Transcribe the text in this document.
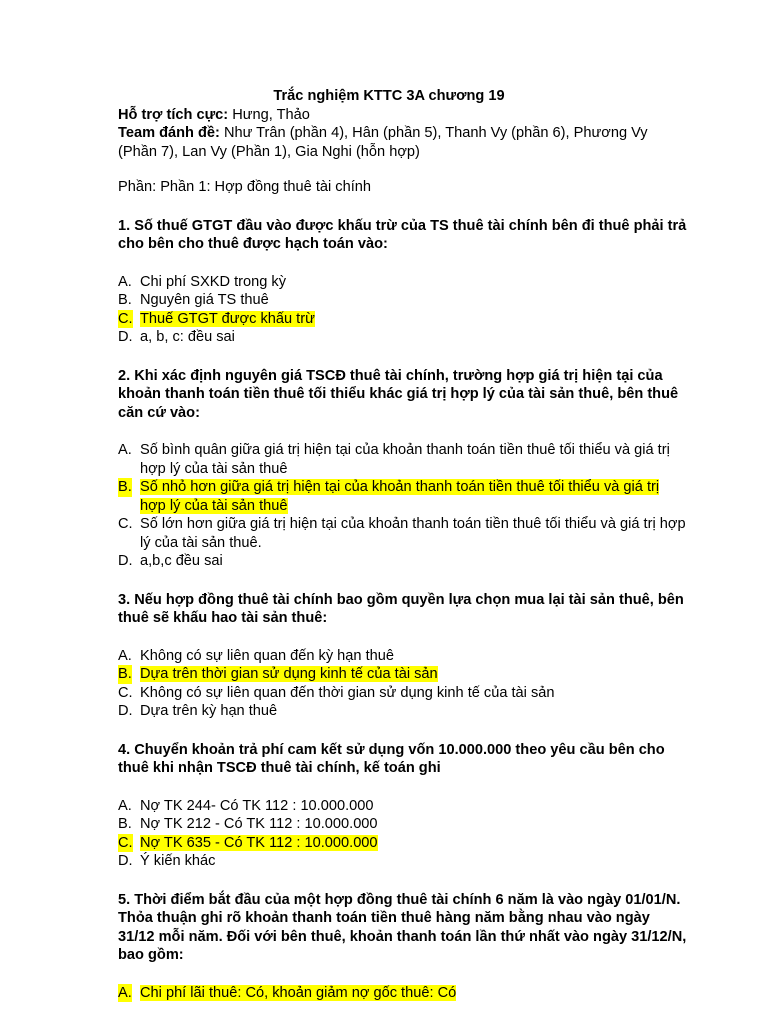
Trắc nghiệm KTTC 3A chương 19

Hỗ trợ tích cực: Hưng, Thảo

Team đánh đề: Như Trân (phần 4), Hân (phần 5), Thanh Vy (phần 6), Phương Vy (Phần 7), Lan Vy (Phần 1), Gia Nghi (hỗn hợp)

Phần: Phần 1: Hợp đồng thuê tài chính
1. Số thuế GTGT đầu vào được khấu trừ của TS thuê tài chính bên đi thuê phải trả cho bên cho thuê được hạch toán vào:
A. Chi phí SXKD trong kỳ
B. Nguyên giá TS thuê
C. Thuế GTGT được khấu trừ
D. a, b, c: đều sai
2. Khi xác định nguyên giá TSCĐ thuê tài chính, trường hợp giá trị hiện tại của khoản thanh toán tiền thuê tối thiểu khác giá trị hợp lý của tài sản thuê, bên thuê căn cứ vào:
A. Số bình quân giữa giá trị hiện tại của khoản thanh toán tiền thuê tối thiểu và giá trị hợp lý của tài sản thuê
B. Số nhỏ hơn giữa giá trị hiện tại của khoản thanh toán tiền thuê tối thiểu và giá trị hợp lý của tài sản thuê
C. Số lớn hơn giữa giá trị hiện tại của khoản thanh toán tiền thuê tối thiểu và giá trị hợp lý của tài sản thuê.
D. a,b,c đều sai
3. Nếu hợp đồng thuê tài chính bao gồm quyền lựa chọn mua lại tài sản thuê, bên thuê sẽ khấu hao tài sản thuê:
A. Không có sự liên quan đến kỳ hạn thuê
B. Dựa trên thời gian sử dụng kinh tế của tài sản
C. Không có sự liên quan đến thời gian sử dụng kinh tế của tài sản
D. Dựa trên kỳ hạn thuê
4. Chuyển khoản trả phí cam kết sử dụng vốn 10.000.000 theo yêu cầu bên cho thuê khi nhận TSCĐ thuê tài chính, kế toán ghi
A. Nợ TK 244- Có TK 112 : 10.000.000
B. Nợ TK 212 - Có TK 112 : 10.000.000
C. Nợ TK 635 - Có TK 112 : 10.000.000
D. Ý kiến khác
5. Thời điểm bắt đầu của một hợp đồng thuê tài chính 6 năm là vào ngày 01/01/N. Thỏa thuận ghi rõ khoản thanh toán tiền thuê hàng năm bằng nhau vào ngày 31/12 mỗi năm. Đối với bên thuê, khoản thanh toán lần thứ nhất vào ngày 31/12/N, bao gồm:
A. Chi phí lãi thuê: Có, khoản giảm nợ gốc thuê: Có
